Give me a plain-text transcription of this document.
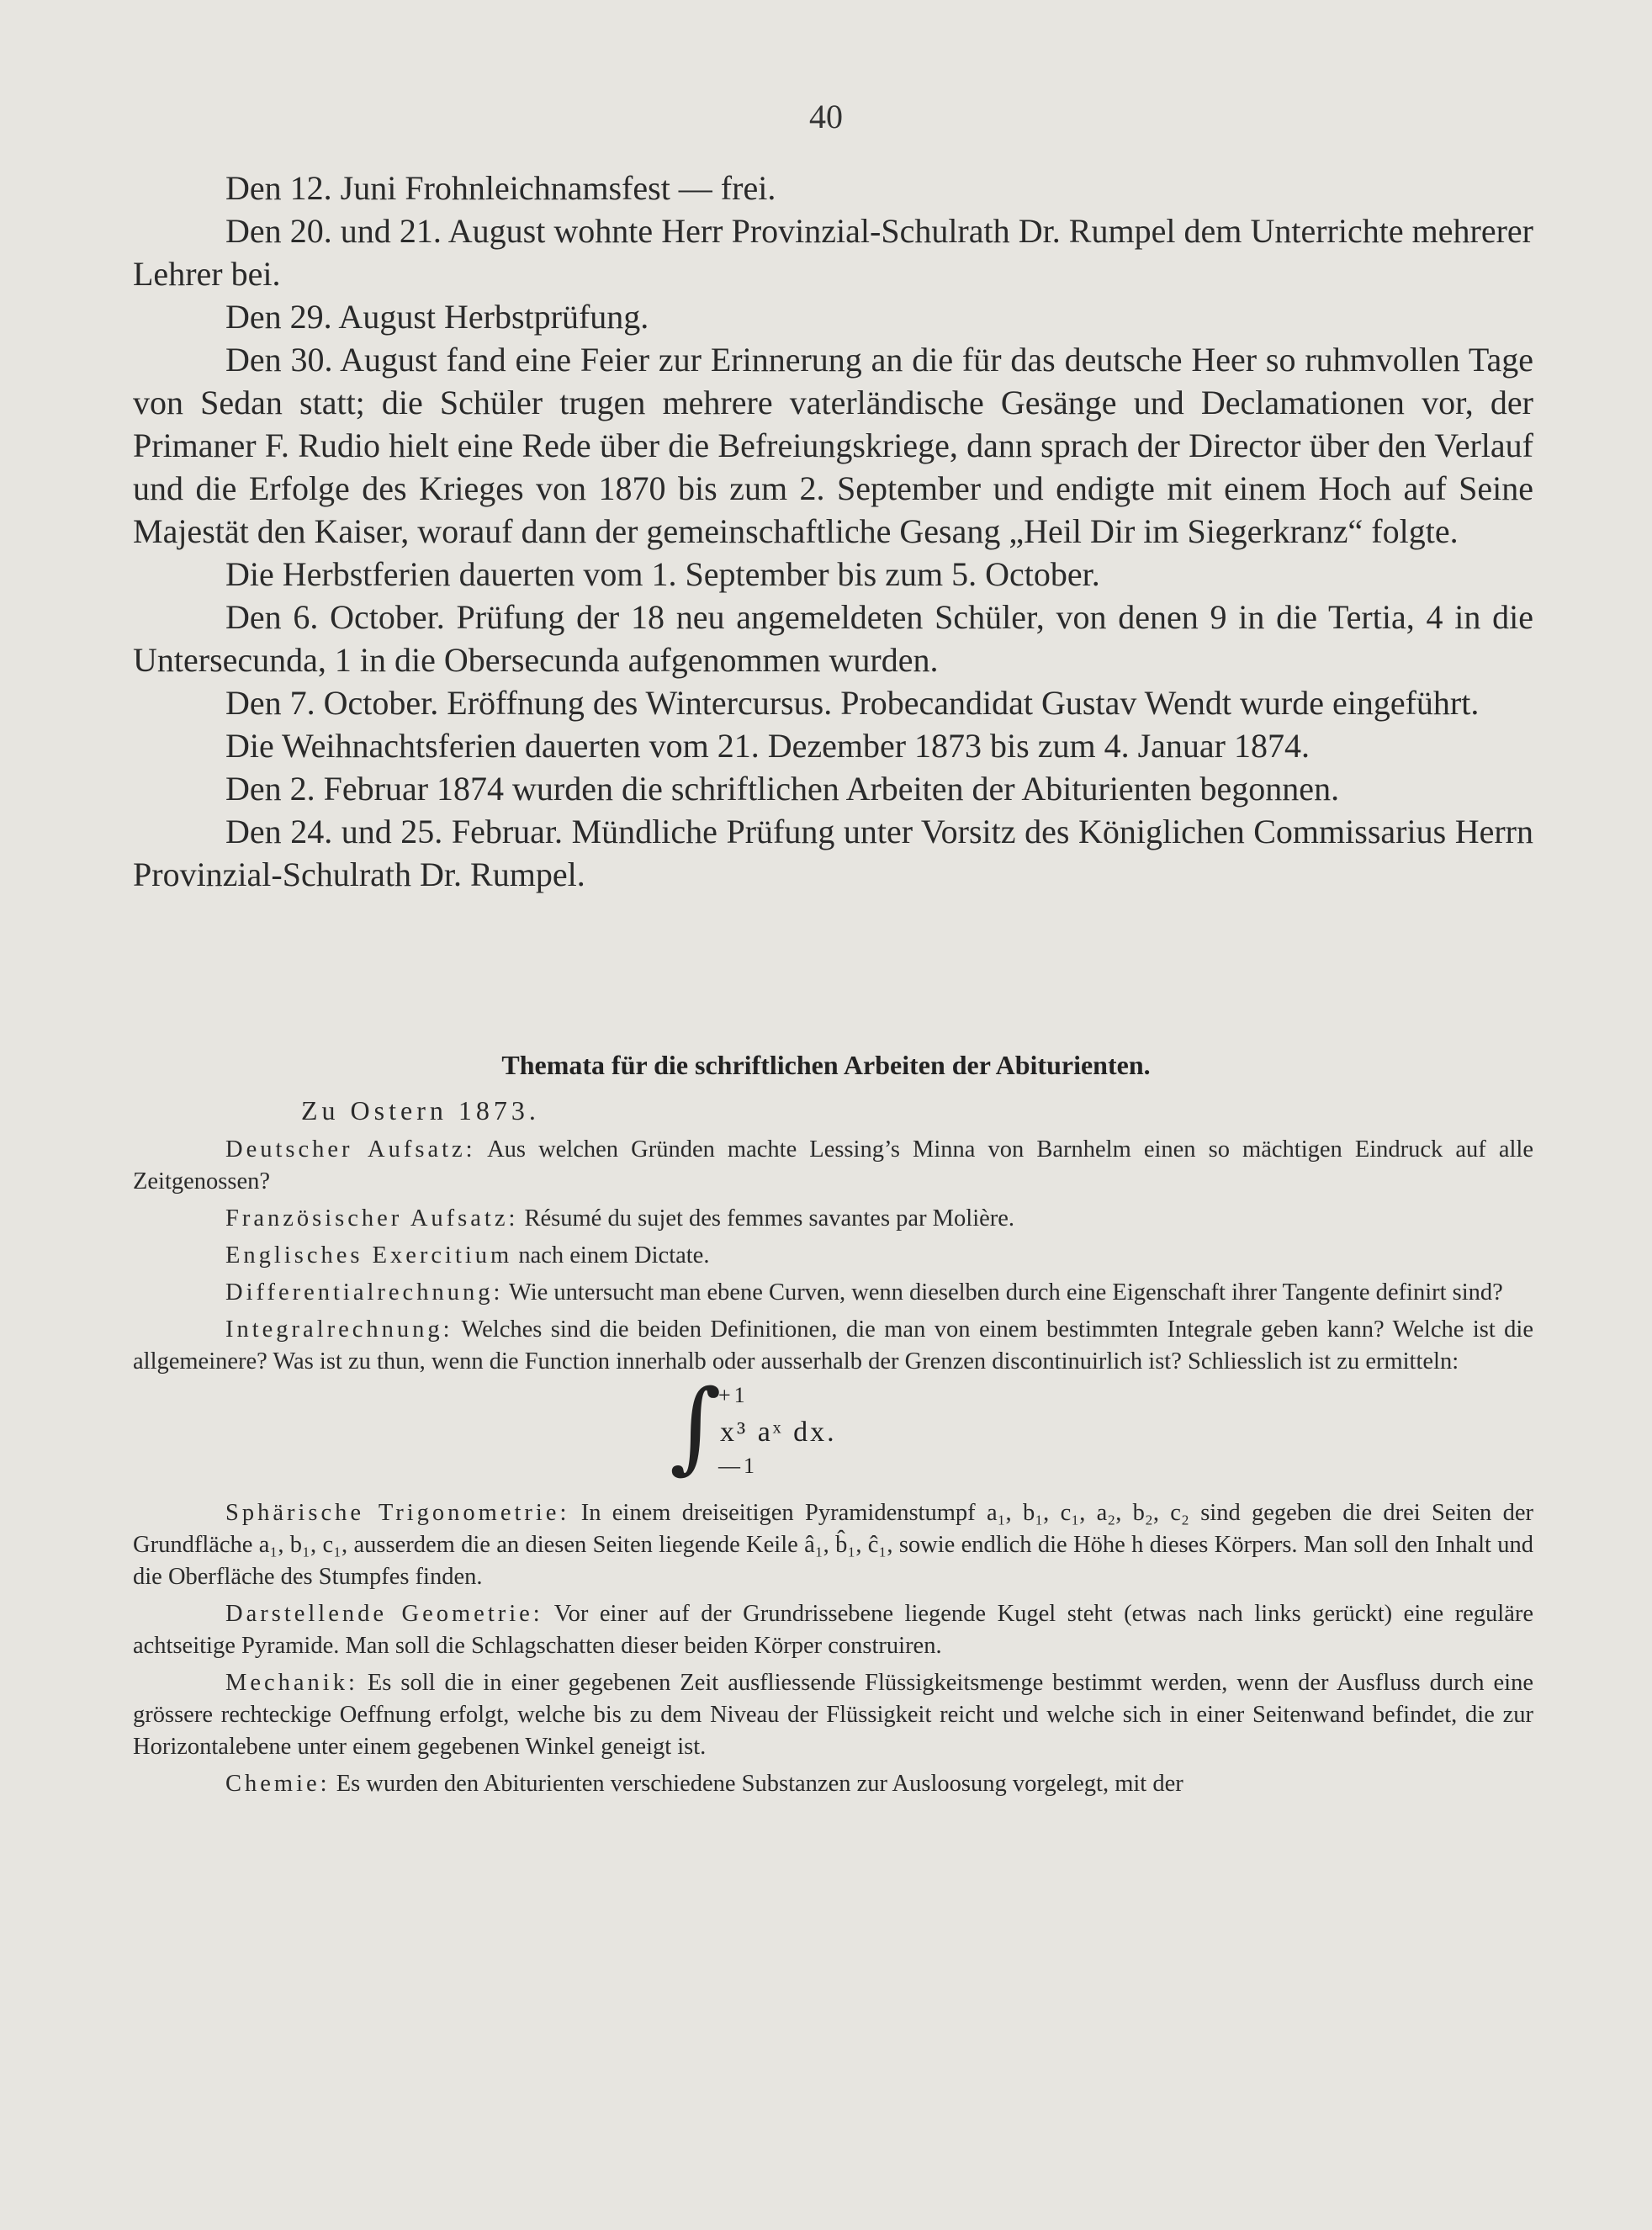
40

Den 12. Juni Frohnleichnamsfest — frei.

Den 20. und 21. August wohnte Herr Provinzial-Schulrath Dr. Rumpel dem Unterrichte mehrerer Lehrer bei.

Den 29. August Herbstprüfung.

Den 30. August fand eine Feier zur Erinnerung an die für das deutsche Heer so ruhmvollen Tage von Sedan statt; die Schüler trugen mehrere vaterländische Gesänge und Declamationen vor, der Primaner F. Rudio hielt eine Rede über die Befreiungskriege, dann sprach der Director über den Verlauf und die Erfolge des Krieges von 1870 bis zum 2. September und endigte mit einem Hoch auf Seine Majestät den Kaiser, worauf dann der gemeinschaftliche Gesang „Heil Dir im Siegerkranz“ folgte.

Die Herbstferien dauerten vom 1. September bis zum 5. October.

Den 6. October. Prüfung der 18 neu angemeldeten Schüler, von denen 9 in die Tertia, 4 in die Untersecunda, 1 in die Obersecunda aufgenommen wurden.

Den 7. October. Eröffnung des Wintercursus. Probecandidat Gustav Wendt wurde eingeführt.

Die Weihnachtsferien dauerten vom 21. Dezember 1873 bis zum 4. Januar 1874.

Den 2. Februar 1874 wurden die schriftlichen Arbeiten der Abiturienten begonnen.

Den 24. und 25. Februar. Mündliche Prüfung unter Vorsitz des Königlichen Commissarius Herrn Provinzial-Schulrath Dr. Rumpel.

Themata für die schriftlichen Arbeiten der Abiturienten.
Zu Ostern 1873.

Deutscher Aufsatz: Aus welchen Gründen machte Lessing’s Minna von Barnhelm einen so mächtigen Eindruck auf alle Zeitgenossen?

Französischer Aufsatz: Résumé du sujet des femmes savantes par Molière.

Englisches Exercitium nach einem Dictate.

Differentialrechnung: Wie untersucht man ebene Curven, wenn dieselben durch eine Eigenschaft ihrer Tangente definirt sind?

Integralrechnung: Welches sind die beiden Definitionen, die man von einem bestimmten Integrale geben kann? Welche ist die allgemeinere? Was ist zu thun, wenn die Function innerhalb oder ausserhalb der Grenzen discontinuirlich ist? Schliesslich ist zu ermitteln:

∫
+1
x³ aˣ dx.
—1

Sphärische Trigonometrie: In einem dreiseitigen Pyramidenstumpf a₁, b₁, c₁, a₂, b₂, c₂ sind gegeben die drei Seiten der Grundfläche a₁, b₁, c₁, ausserdem die an diesen Seiten liegende Keile â₁, b̂₁, ĉ₁, sowie endlich die Höhe h dieses Körpers. Man soll den Inhalt und die Oberfläche des Stumpfes finden.

Darstellende Geometrie: Vor einer auf der Grundrissebene liegende Kugel steht (etwas nach links gerückt) eine reguläre achtseitige Pyramide. Man soll die Schlagschatten dieser beiden Körper construiren.

Mechanik: Es soll die in einer gegebenen Zeit ausfliessende Flüssigkeitsmenge bestimmt werden, wenn der Ausfluss durch eine grössere rechteckige Oeffnung erfolgt, welche bis zu dem Niveau der Flüssigkeit reicht und welche sich in einer Seitenwand befindet, die zur Horizontalebene unter einem gegebenen Winkel geneigt ist.

Chemie: Es wurden den Abiturienten verschiedene Substanzen zur Ausloosung vorgelegt, mit der
